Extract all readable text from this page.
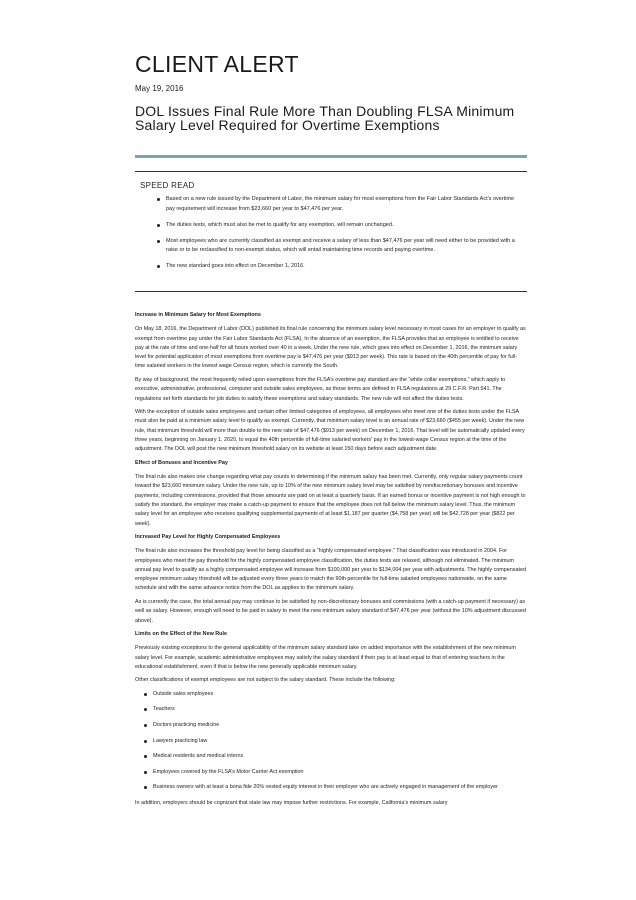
CLIENT ALERT
May 19, 2016
DOL Issues Final Rule More Than Doubling FLSA Minimum Salary Level Required for Overtime Exemptions
SPEED READ
Based on a new rule issued by the Department of Labor, the minimum salary for most exemptions from the Fair Labor Standards Act’s overtime pay requirement will increase from $23,660 per year to $47,476 per year.
The duties tests, which must also be met to qualify for any exemption, will remain unchanged.
Most employees who are currently classified as exempt and receive a salary of less than $47,476 per year will need either to be provided with a raise or to be reclassified to non-exempt status, which will entail maintaining time records and paying overtime.
The new standard goes into effect on December 1, 2016.
Increase in Minimum Salary for Most Exemptions

On May 18, 2016, the Department of Labor (DOL) published its final rule concerning the minimum salary level necessary in most cases for an employer to qualify as exempt from overtime pay under the Fair Labor Standards Act (FLSA). In the absence of an exemption, the FLSA provides that an employee is entitled to receive pay at the rate of time and one-half for all hours worked over 40 in a week. Under the new rule, which goes into effect on December 1, 2016, the minimum salary level for potential application of most exemptions from overtime pay is $47,476 per year ($913 per week). This rate is based on the 40th percentile of pay for full-time salaried workers in the lowest wage Census region, which is currently the South.

By way of background, the most frequently relied upon exemptions from the FLSA’s overtime pay standard are the “white collar exemptions,” which apply to executive, administrative, professional, computer and outside sales employees, as those terms are defined in FLSA regulations at 29 C.F.R. Part 541. The regulations set forth standards for job duties to satisfy these exemptions and salary standards. The new rule will not affect the duties tests.

With the exception of outside sales employees and certain other limited categories of employees, all employees who meet one of the duties tests under the FLSA must also be paid at a minimum salary level to qualify as exempt. Currently, that minimum salary level is an annual rate of $23,660 ($455 per week). Under the new rule, that minimum threshold will more than double to the new rate of $47,476 ($913 per week) on December 1, 2016. That level will be automatically updated every three years, beginning on January 1, 2020, to equal the 40th percentile of full-time salaried workers’ pay in the lowest-wage Census region at the time of the adjustment. The DOL will post the new minimum threshold salary on its website at least 150 days before each adjustment date.

Effect of Bonuses and Incentive Pay

The final rule also makes one change regarding what pay counts in determining if the minimum salary has been met. Currently, only regular salary payments count toward the $23,660 minimum salary. Under the new rule, up to 10% of the new minimum salary level may be satisfied by nondiscretionary bonuses and incentive payments, including commissions, provided that those amounts are paid on at least a quarterly basis. If an earned bonus or incentive payment is not high enough to satisfy the standard, the employer may make a catch-up payment to ensure that the employee does not fall below the minimum salary level. Thus, the minimum salary level for an employee who receives qualifying supplemental payments of at least $1,187 per quarter ($4,758 per year) will be $42,728 per year ($822 per week).

Increased Pay Level for Highly Compensated Employees

The final rule also increases the threshold pay level for being classified as a “highly compensated employee.” That classification was introduced in 2004. For employees who meet the pay threshold for the highly compensated employee classification, the duties tests are relaxed, although not eliminated. The minimum annual pay level to qualify as a highly compensated employee will increase from $100,000 per year to $134,004 per year with adjustments. The highly compensated employee minimum salary threshold will be adjusted every three years to match the 90th percentile for full-time salaried employees nationwide, on the same schedule and with the same advance notice from the DOL as applies to the minimum salary.

As is currently the case, the total annual pay may continue to be satisfied by non-discretionary bonuses and commissions (with a catch-up payment if necessary) as well as salary. However, enough will need to be paid in salary to meet the new minimum salary standard of $47,476 per year (without the 10% adjustment discussed above).

Limits on the Effect of the New Rule

Previously existing exceptions to the general applicability of the minimum salary standard take on added importance with the establishment of the new minimum salary level. For example, academic administrative employees may satisfy the salary standard if their pay is at least equal to that of entering teachers in the educational establishment, even if that is below the new generally applicable minimum salary.

Other classifications of exempt employees are not subject to the salary standard. These include the following:

Outside sales employees
Teachers
Doctors practicing medicine
Lawyers practicing law
Medical residents and medical interns
Employees covered by the FLSA’s Motor Carrier Act exemption
Business owners with at least a bona fide 20% vested equity interest in their employer who are actively engaged in management of the employer

In addition, employers should be cognizant that state law may impose further restrictions. For example, California’s minimum salary
